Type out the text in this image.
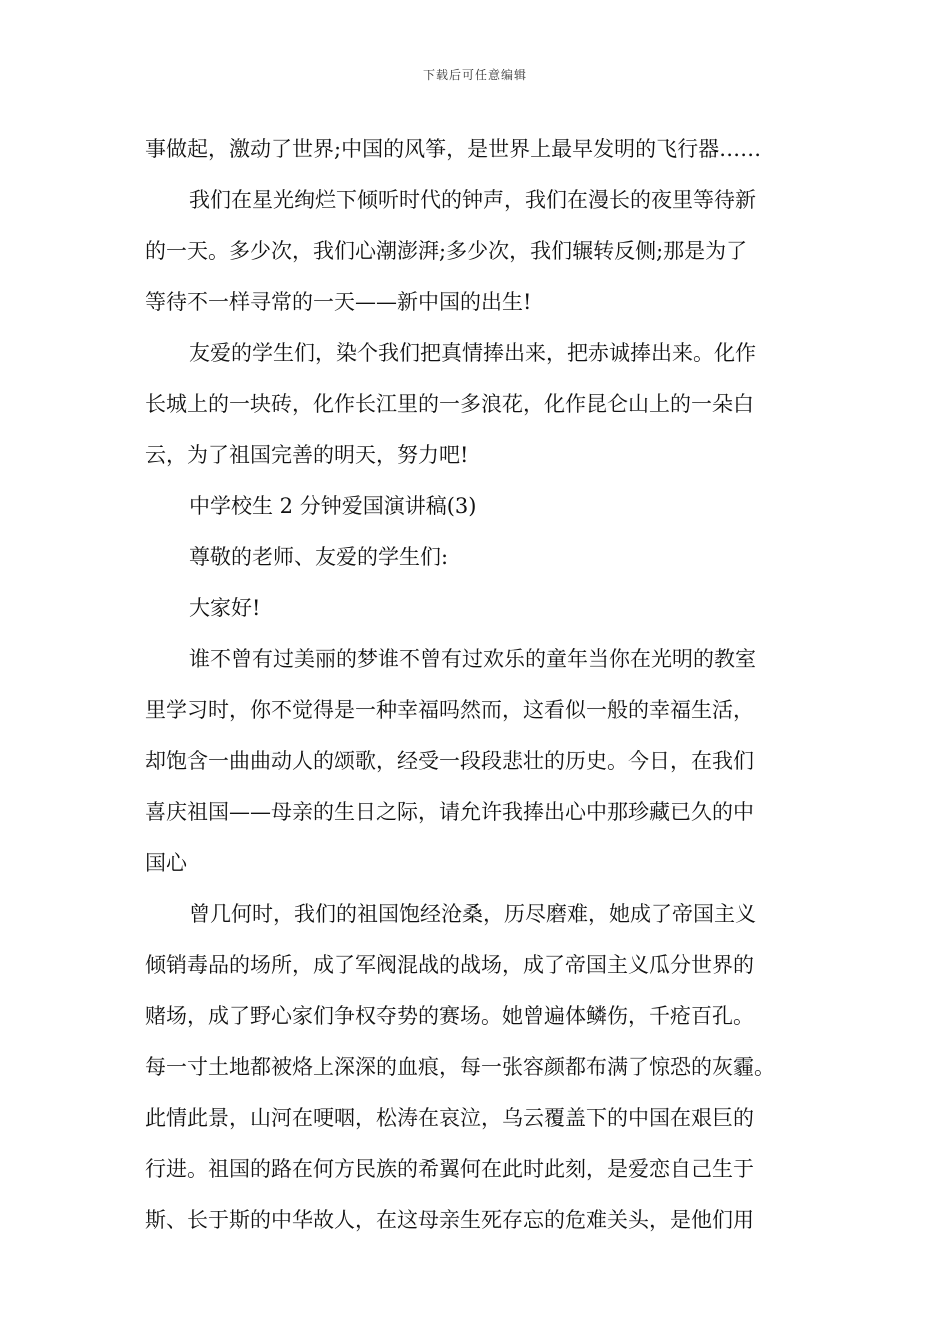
下载后可任意编辑
事做起，激动了世界;中国的风筝，是世界上最早发明的飞行器……
我们在星光绚烂下倾听时代的钟声，我们在漫长的夜里等待新
的一天。多少次，我们心潮澎湃;多少次，我们辗转反侧;那是为了
等待不一样寻常的一天——新中国的出生!
友爱的学生们，染个我们把真情捧出来，把赤诚捧出来。化作
长城上的一块砖，化作长江里的一多浪花，化作昆仑山上的一朵白
云，为了祖国完善的明天，努力吧!
中学校生 2 分钟爱国演讲稿(3)
尊敬的老师、友爱的学生们:
大家好!
谁不曾有过美丽的梦谁不曾有过欢乐的童年当你在光明的教室
里学习时，你不觉得是一种幸福吗然而，这看似一般的幸福生活，
却饱含一曲曲动人的颂歌，经受一段段悲壮的历史。今日，在我们
喜庆祖国——母亲的生日之际，请允许我捧出心中那珍藏已久的中
国心
曾几何时，我们的祖国饱经沧桑，历尽磨难，她成了帝国主义
倾销毒品的场所，成了军阀混战的战场，成了帝国主义瓜分世界的
赌场，成了野心家们争权夺势的赛场。她曾遍体鳞伤，千疮百孔。
每一寸土地都被烙上深深的血痕，每一张容颜都布满了惊恐的灰霾。
此情此景，山河在哽咽，松涛在哀泣，乌云覆盖下的中国在艰巨的
行进。祖国的路在何方民族的希翼何在此时此刻，是爱恋自己生于
斯、长于斯的中华故人，在这母亲生死存忘的危难关头，是他们用
